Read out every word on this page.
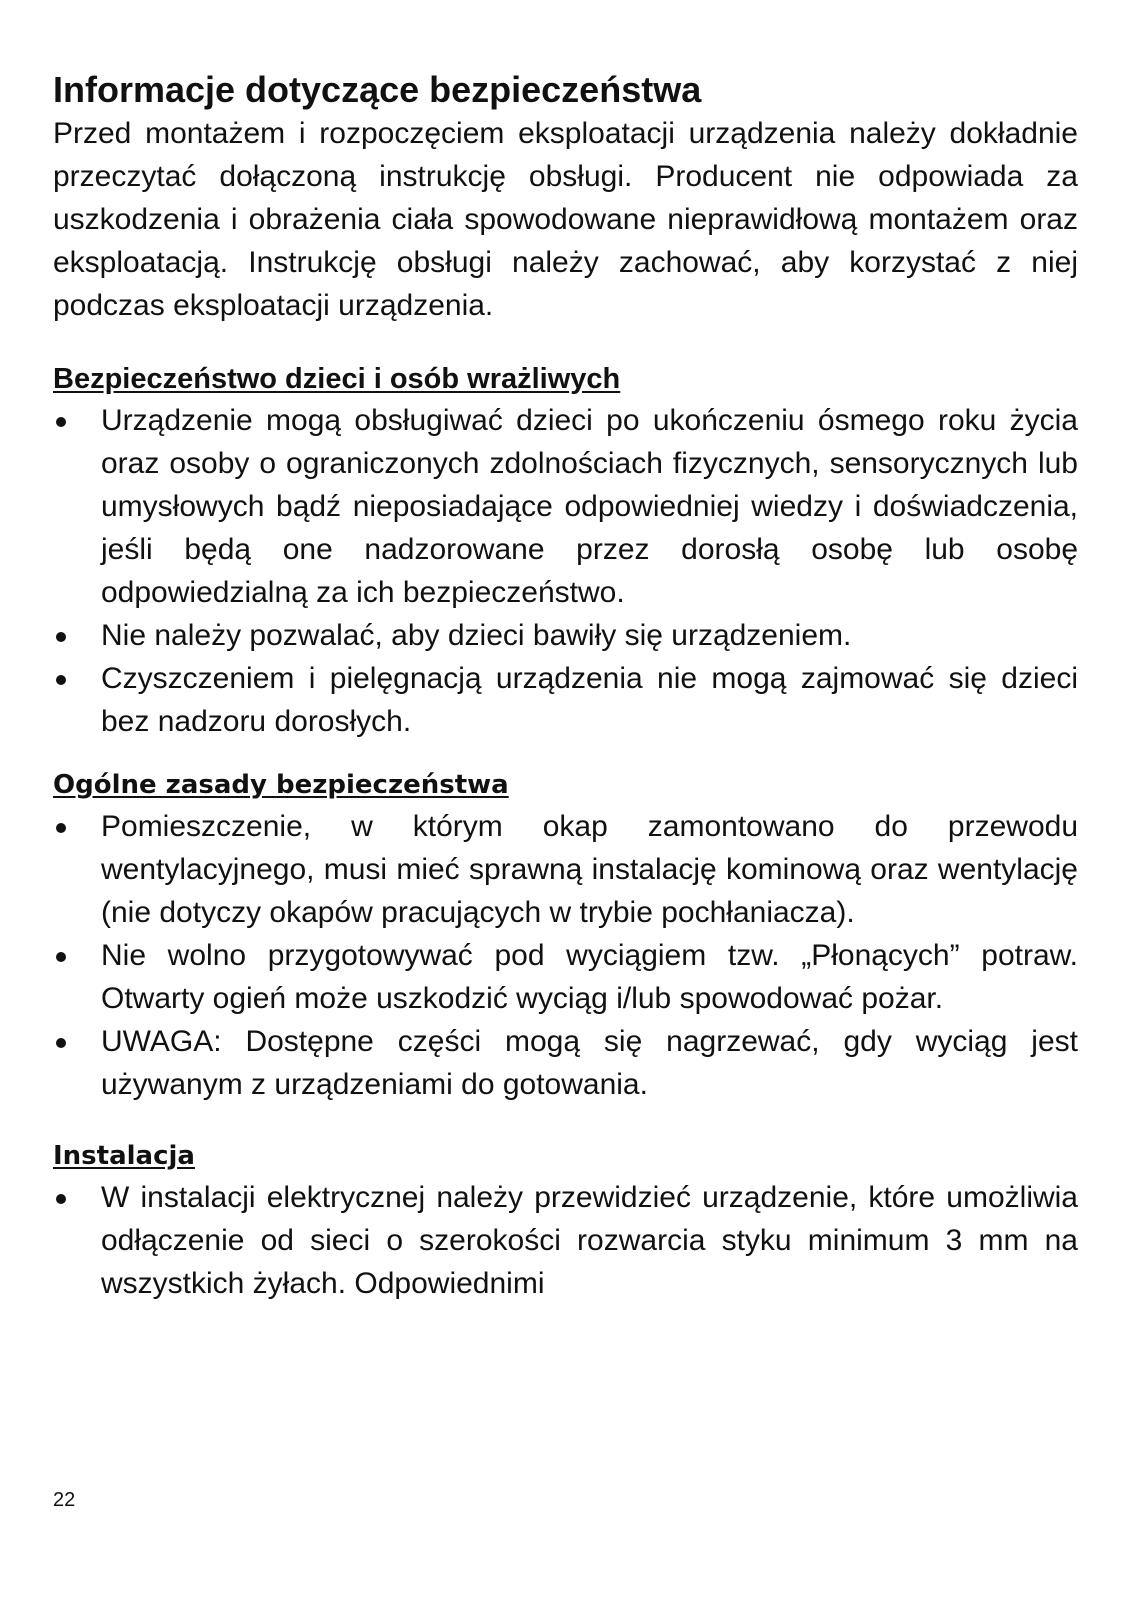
Informacje dotyczące bezpieczeństwa

Przed montażem i rozpoczęciem eksploatacji urządzenia należy dokładnie przeczytać dołączoną instrukcję obsługi. Producent nie odpowiada za uszkodzenia i obrażenia ciała spowodowane nieprawidłową montażem oraz eksploatacją. Instrukcję obsługi należy zachować, aby korzystać z niej podczas eksploatacji urządzenia.

Bezpieczeństwo dzieci i osób wrażliwych
Urządzenie mogą obsługiwać dzieci po ukończeniu ósmego roku życia oraz osoby o ograniczonych zdolnościach fizycznych, sensorycznych lub umysłowych bądź nieposiadające odpowiedniej wiedzy i doświadczenia, jeśli będą one nadzorowane przez dorosłą osobę lub osobę odpowiedzialną za ich bezpieczeństwo.
Nie należy pozwalać, aby dzieci bawiły się urządzeniem.
Czyszczeniem i pielęgnacją urządzenia nie mogą zajmować się dzieci bez nadzoru dorosłych.
Ogólne zasady bezpieczeństwa
Pomieszczenie, w którym okap zamontowano do przewodu wentylacyjnego, musi mieć sprawną instalację kominową oraz wentylację (nie dotyczy okapów pracujących w trybie pochłaniacza).
Nie wolno przygotowywać pod wyciągiem tzw. „Płonących” potraw. Otwarty ogień może uszkodzić wyciąg i/lub spowodować pożar.
UWAGA: Dostępne części mogą się nagrzewać, gdy wyciąg jest używanym z urządzeniami do gotowania.
Instalacja
W instalacji elektrycznej należy przewidzieć urządzenie, które umożliwia odłączenie od sieci o szerokości rozwarcia styku minimum 3 mm na wszystkich żyłach. Odpowiednimi
22
